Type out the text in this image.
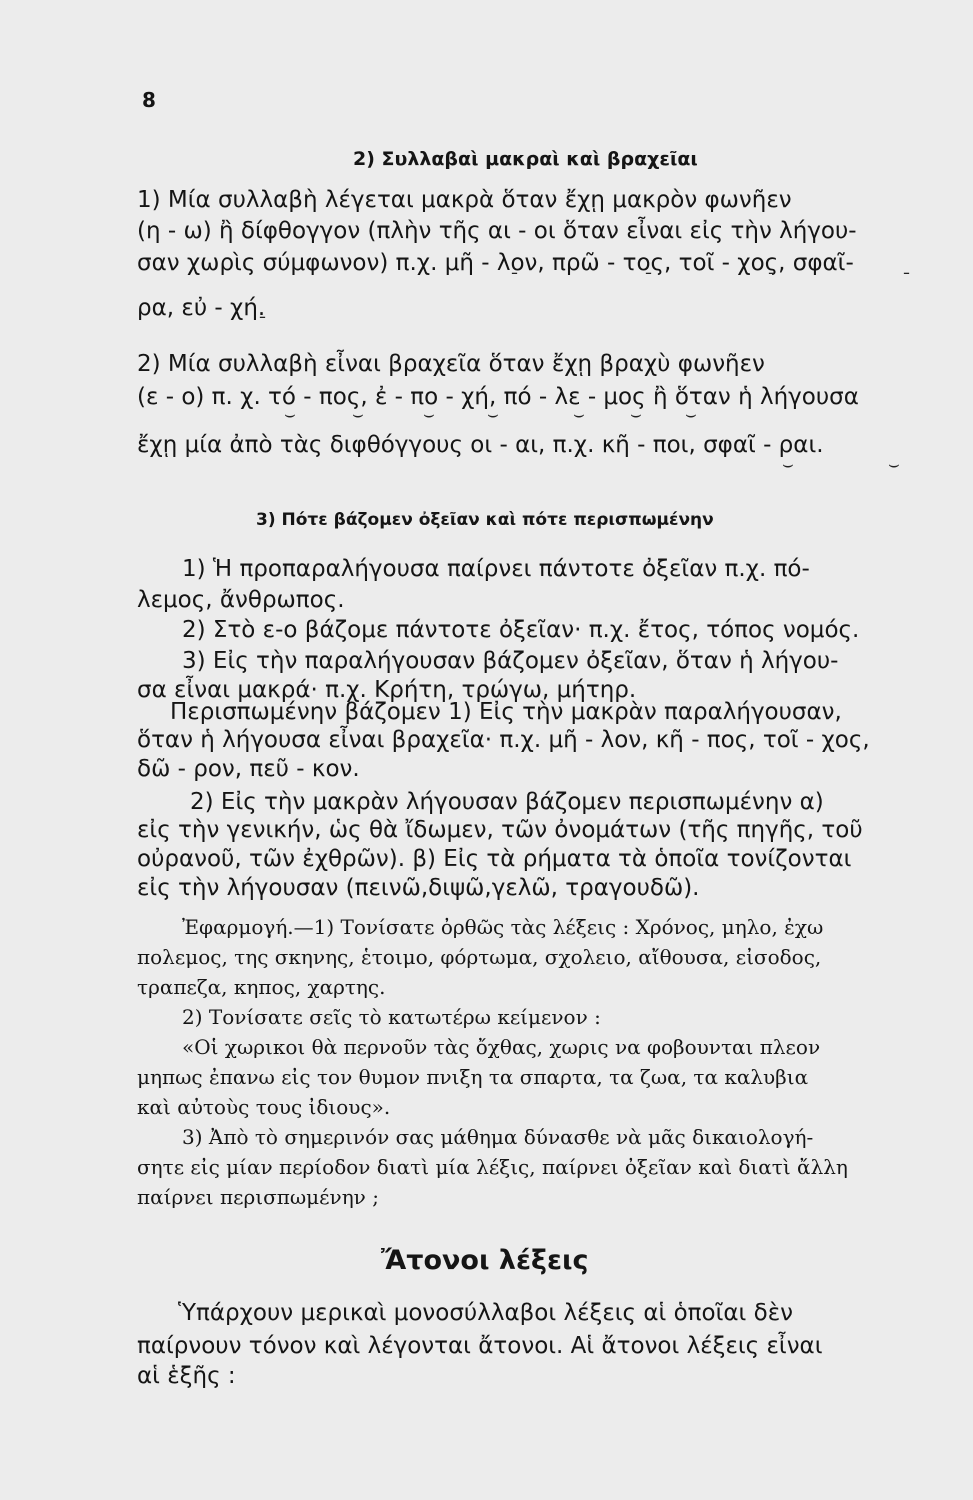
8
2) Συλλαβαὶ μακραὶ καὶ βραχεῖαι
1) Μία συλλαβὴ λέγεται μακρὰ ὅταν ἔχῃ μακρὸν φωνῆεν
(η - ω) ἢ δίφθογγον (πλὴν τῆς αι - οι ὅταν εἶναι εἰς τὴν λήγου-
σαν χωρὶς σύμφωνον) π.χ. μῆ - λον, πρῶ - τος, τοῖ - χος, σφαῖ-
¯	¯	¯	¯
ρα, εὐ - χή.
¯
2) Μία συλλαβὴ εἶναι βραχεῖα ὅταν ἔχῃ βραχὺ φωνῆεν
(ε - ο) π. χ. τό - πος, ἐ - πο - χή, πό - λε - μος ἢ ὅταν ἡ λήγουσα
⌣	⌣	⌣	⌣	⌣	⌣ ⌣
ἔχῃ μία ἀπὸ τὰς διφθόγγους οι - αι, π.χ. κῆ - ποι, σφαῖ - ραι.
⌣	⌣
3) Πότε βάζομεν ὀξεῖαν καὶ πότε περισπωμένην
1) Ἡ προπαραλήγουσα παίρνει πάντοτε ὀξεῖαν π.χ. πό-
λεμος, ἄνθρωπος.
2) Στὸ ε-ο βάζομε πάντοτε ὀξεῖαν· π.χ. ἔτος, τόπος νομός.
3) Εἰς τὴν παραλήγουσαν βάζομεν ὀξεῖαν, ὅταν ἡ λήγου-
σα εἶναι μακρά· π.χ. Κρήτη, τρώγω, μήτηρ.
Περισπωμένην βάζομεν 1) Εἰς τὴν μακρὰν παραλήγουσαν,
ὅταν ἡ λήγουσα εἶναι βραχεῖα· π.χ. μῆ - λον, κῆ - πος, τοῖ - χος,
δῶ - ρον, πεῦ - κον.
2) Εἰς τὴν μακρὰν λήγουσαν βάζομεν περισπωμένην α)
εἰς τὴν γενικήν, ὡς θὰ ἴδωμεν, τῶν ὀνομάτων (τῆς πηγῆς, τοῦ
οὐρανοῦ, τῶν ἐχθρῶν). β) Εἰς τὰ ρήματα τὰ ὁποῖα τονίζονται
εἰς τὴν λήγουσαν (πεινῶ,διψῶ,γελῶ, τραγουδῶ).
Ἐφαρμογή.—1) Τονίσατε ὀρθῶς τὰς λέξεις : Χρόνος, μηλο, ἐχω
πολεμος, της σκηνης, ἑτοιμο, φόρτωμα, σχολειο, αἴθουσα, εἰσοδος,
τραπεζα, κηπος, χαρτης.
2) Τονίσατε σεῖς τὸ κατωτέρω κείμενον :
«Οἱ χωρικοι θὰ περνοῦν τὰς ὄχθας, χωρις να φοβουνται πλεον
μηπως ἐπανω εἰς τον θυμον πνιξη τα σπαρτα, τα ζωα, τα καλυβια
καὶ αὐτοὺς τους ἰδιους».
3) Ἀπὸ τὸ σημερινόν σας μάθημα δύνασθε νὰ μᾶς δικαιολογή-
σητε εἰς μίαν περίοδον διατὶ μία λέξις, παίρνει ὀξεῖαν καὶ διατὶ ἄλλη
παίρνει περισπωμένην ;
Ἄτονοι λέξεις
Ὑπάρχουν μερικαὶ μονοσύλλαβοι λέξεις αἱ ὁποῖαι δὲν
παίρνουν τόνον καὶ λέγονται ἄτονοι. Αἱ ἄτονοι λέξεις εἶναι
αἱ ἑξῆς :
